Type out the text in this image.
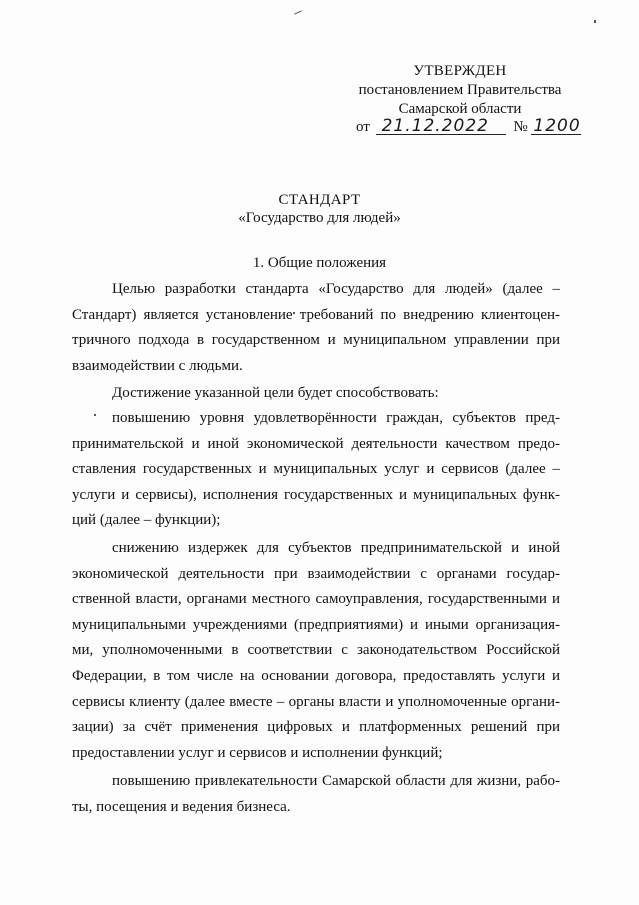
УТВЕРЖДЕН
постановлением Правительства
Самарской области
от 21.12.2022 № 1200
СТАНДАРТ
«Государство для людей»
1. Общие положения
Целью разработки стандарта «Государство для людей» (далее –
Стандарт) является установление требований по внедрению клиентоцен-
тричного подхода в государственном и муниципальном управлении при
взаимодействии с людьми.
Достижение указанной цели будет способствовать:
повышению уровня удовлетворённости граждан, субъектов пред-
принимательской и иной экономической деятельности качеством предо-
ставления государственных и муниципальных услуг и сервисов (далее –
услуги и сервисы), исполнения государственных и муниципальных функ-
ций (далее – функции);
снижению издержек для субъектов предпринимательской и иной
экономической деятельности при взаимодействии с органами государ-
ственной власти, органами местного самоуправления, государственными и
муниципальными учреждениями (предприятиями) и иными организация-
ми, уполномоченными в соответствии с законодательством Российской
Федерации, в том числе на основании договора, предоставлять услуги и
сервисы клиенту (далее вместе – органы власти и уполномоченные органи-
зации) за счёт применения цифровых и платформенных решений при
предоставлении услуг и сервисов и исполнении функций;
повышению привлекательности Самарской области для жизни, рабо-
ты, посещения и ведения бизнеса.
